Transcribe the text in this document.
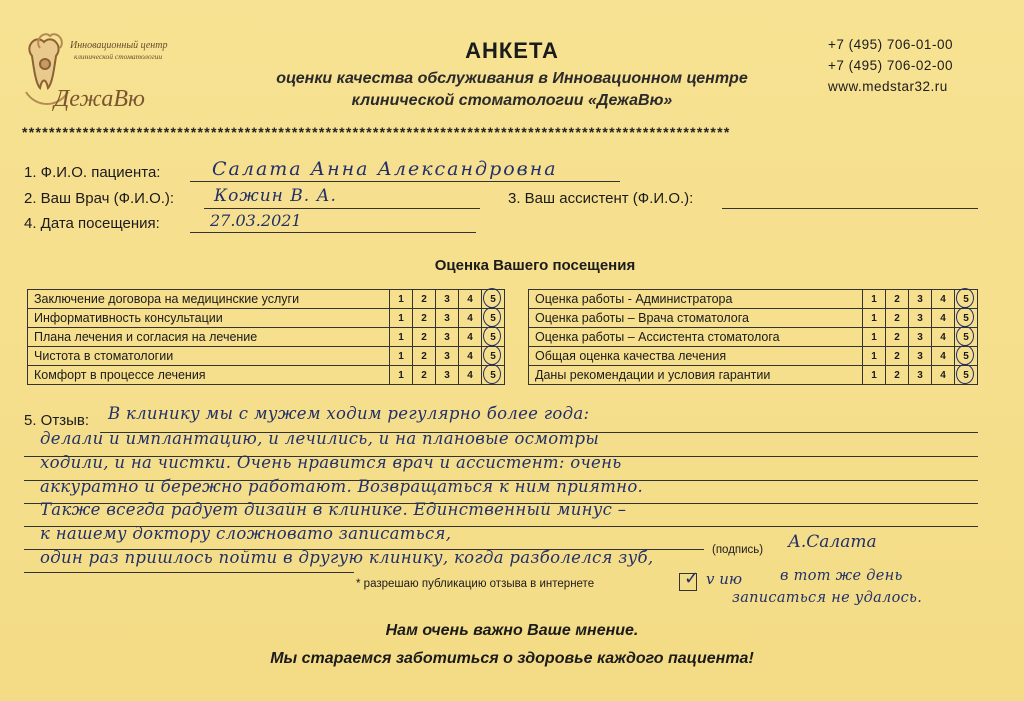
Инновационный центр
клинической стоматологии
ДежаВю
АНКЕТА
оценки качества обслуживания в Инновационном центре
клинической стоматологии «ДежаВю»
+7 (495) 706-01-00
+7 (495) 706-02-00
www.medstar32.ru
*********************************************************************************************************
1. Ф.И.О. пациента:	Салата Анна Александровна
2. Ваш Врач (Ф.И.О.): Кожин В. А.	3. Ваш ассистент (Ф.И.О.):
4. Дата посещения:	27.03.2021
Оценка Вашего посещения
Заключение договора на медицинские услуги	1	2	3	4	5

Информативность консультации	1	2	3	4	5

Плана лечения и согласия на лечение	1	2	3	4	5

Чистота в стоматологии	1	2	3	4	5

Комфорт в процессе лечения	1	2	3	4	5
Оценка работы - Администратора	1	2	3	4	5

Оценка работы – Врача стоматолога	1	2	3	4	5

Оценка работы – Ассистента стоматолога	1	2	3	4	5

Общая оценка качества лечения	1	2	3	4	5

Даны рекомендации и условия гарантии	1	2	3	4	5
5. Отзыв: В клинику мы с мужем ходим регулярно более года:
делали и имплантацию, и лечились, и на плановые осмотры
ходили, и на чистки. Очень нравится врач и ассистент: очень
аккуратно и бережно работают. Возвращаться к ним приятно.
Также всегда радует дизайн в клинике. Единственный минус –
к нашему доктору сложновато записаться,
один раз пришлось пойти в другую клинику, когда разболелся зуб,
в тот же день
записаться не удалось.
(подпись) А.Салата
* разрешаю публикацию отзыва в интернете	✓ v ию
Нам очень важно Ваше мнение.
Мы стараемся заботиться о здоровье каждого пациента!
